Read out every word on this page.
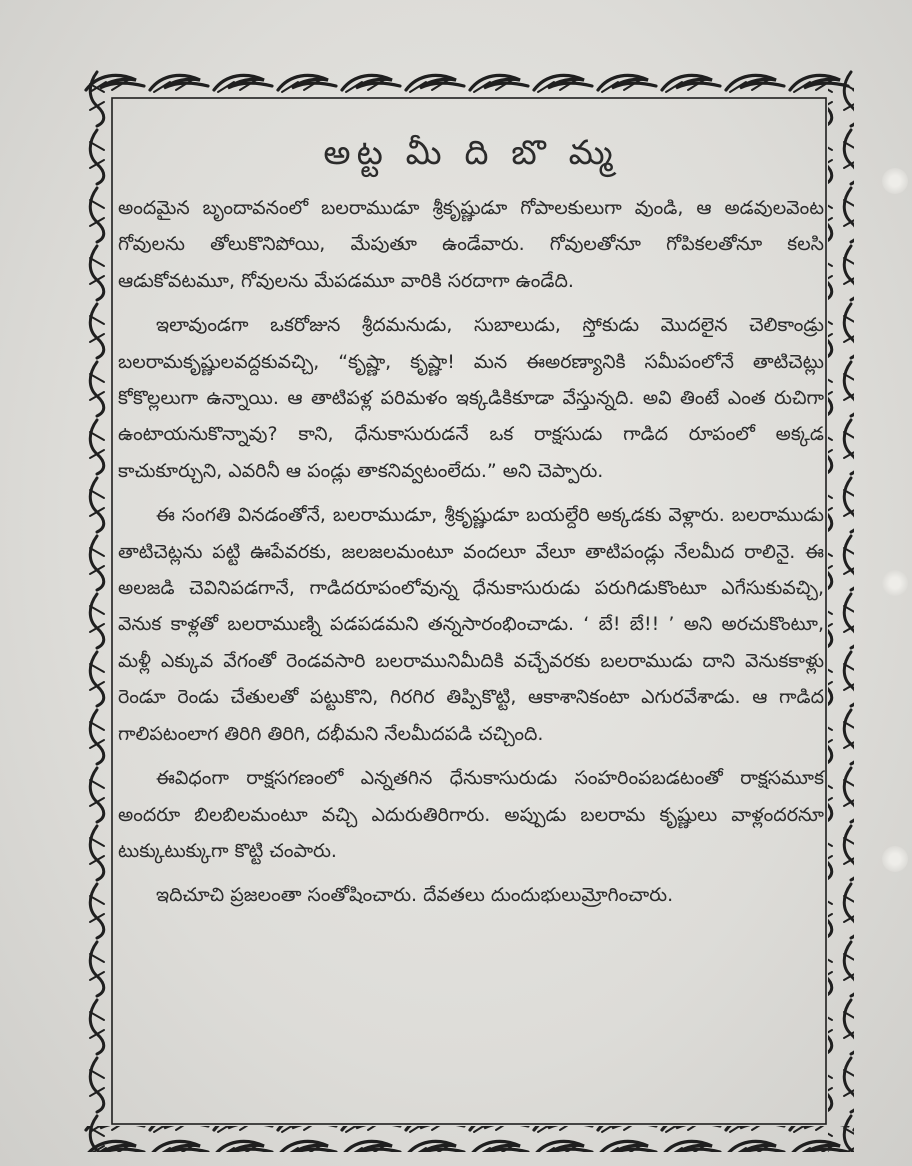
అట్ట మీ ది బొ మ్మ

అందమైన బృందావనంలో బలరాముడూ శ్రీకృష్ణుడూ గోపాలకులుగా వుండి, ఆ అడవులవెంట గోవులను తోలుకొనిపోయి, మేపుతూ ఉండేవారు. గోవులతోనూ గోపికలతోనూ కలసి ఆడుకోవటమూ, గోవులను మేపడమూ వారికి సరదాగా ఉండేది.

ఇలావుండగా ఒకరోజున శ్రీదమనుడు, సుబాలుడు, స్తోకుడు మొదలైన చెలికాండ్రు బలరామకృష్ణులవద్దకువచ్చి, “కృష్ణా, కృష్ణా! మన ఈఅరణ్యానికి సమీపంలోనే తాటిచెట్లు కోకొల్లలుగా ఉన్నాయి. ఆ తాటిపళ్ల పరిమళం ఇక్కడికికూడా వేస్తున్నది. అవి తింటే ఎంత రుచిగా ఉంటాయనుకొన్నావు? కాని, ధేనుకాసురుడనే ఒక రాక్షసుడు గాడిద రూపంలో అక్కడ కాచుకూర్చుని, ఎవరినీ ఆ పండ్లు తాకనివ్వటంలేదు.” అని చెప్పారు.

ఈ సంగతి వినడంతోనే, బలరాముడూ, శ్రీకృష్ణుడూ బయల్దేరి అక్కడకు వెళ్లారు. బలరాముడు తాటిచెట్లను పట్టి ఊపేవరకు, జలజలమంటూ వందలూ వేలూ తాటిపండ్లు నేలమీద రాలినై. ఈ అలజడి చెవినిపడగానే, గాడిదరూపంలోవున్న ధేనుకాసురుడు పరుగిడుకొంటూ ఎగేసుకువచ్చి, వెనుక కాళ్లతో బలరాముణ్ని పడపడమని తన్నసారంభించాడు. ‘ బే! బే!! ’ అని అరచుకొంటూ, మళ్లీ ఎక్కువ వేగంతో రెండవసారి బలరామునిమీదికి వచ్చేవరకు బలరాముడు దాని వెనుకకాళ్లు రెండూ రెండు చేతులతో పట్టుకొని, గిరగిర తిప్పికొట్టి, ఆకాశానికంటా ఎగురవేశాడు. ఆ గాడిద గాలిపటంలాగ తిరిగి తిరిగి, దభీమని నేలమీదపడి చచ్చింది.

ఈవిధంగా రాక్షసగణంలో ఎన్నతగిన ధేనుకాసురుడు సంహరింపబడటంతో రాక్షసమూక అందరూ బిలబిలమంటూ వచ్చి ఎదురుతిరిగారు. అప్పుడు బలరామ కృష్ణులు వాళ్లందరనూ టుక్కుటుక్కుగా కొట్టి చంపారు.

ఇదిచూచి ప్రజలంతా సంతోషించారు. దేవతలు దుందుభులుమ్రోగించారు.
